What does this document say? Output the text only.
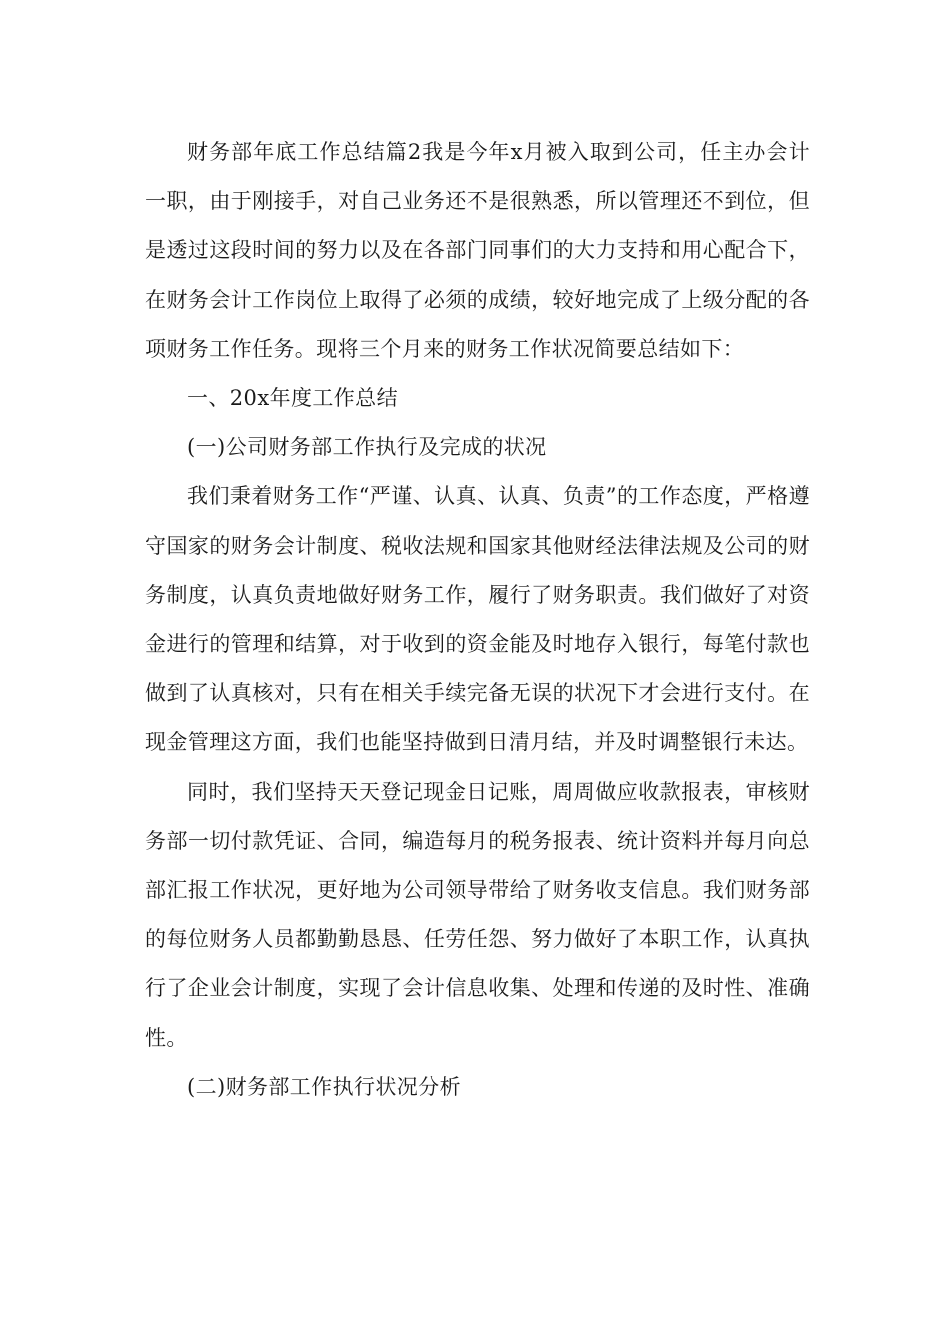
财务部年底工作总结篇2我是今年x月被入取到公司，任主办会计一职，由于刚接手，对自己业务还不是很熟悉，所以管理还不到位，但是透过这段时间的努力以及在各部门同事们的大力支持和用心配合下，在财务会计工作岗位上取得了必须的成绩，较好地完成了上级分配的各项财务工作任务。现将三个月来的财务工作状况简要总结如下：

一、20x年度工作总结

(一)公司财务部工作执行及完成的状况

我们秉着财务工作“严谨、认真、认真、负责”的工作态度，严格遵守国家的财务会计制度、税收法规和国家其他财经法律法规及公司的财务制度，认真负责地做好财务工作，履行了财务职责。我们做好了对资金进行的管理和结算，对于收到的资金能及时地存入银行，每笔付款也做到了认真核对，只有在相关手续完备无误的状况下才会进行支付。在现金管理这方面，我们也能坚持做到日清月结，并及时调整银行未达。

同时，我们坚持天天登记现金日记账，周周做应收款报表，审核财务部一切付款凭证、合同，编造每月的税务报表、统计资料并每月向总部汇报工作状况，更好地为公司领导带给了财务收支信息。我们财务部的每位财务人员都勤勤恳恳、任劳任怨、努力做好了本职工作，认真执行了企业会计制度，实现了会计信息收集、处理和传递的及时性、准确性。

(二)财务部工作执行状况分析
